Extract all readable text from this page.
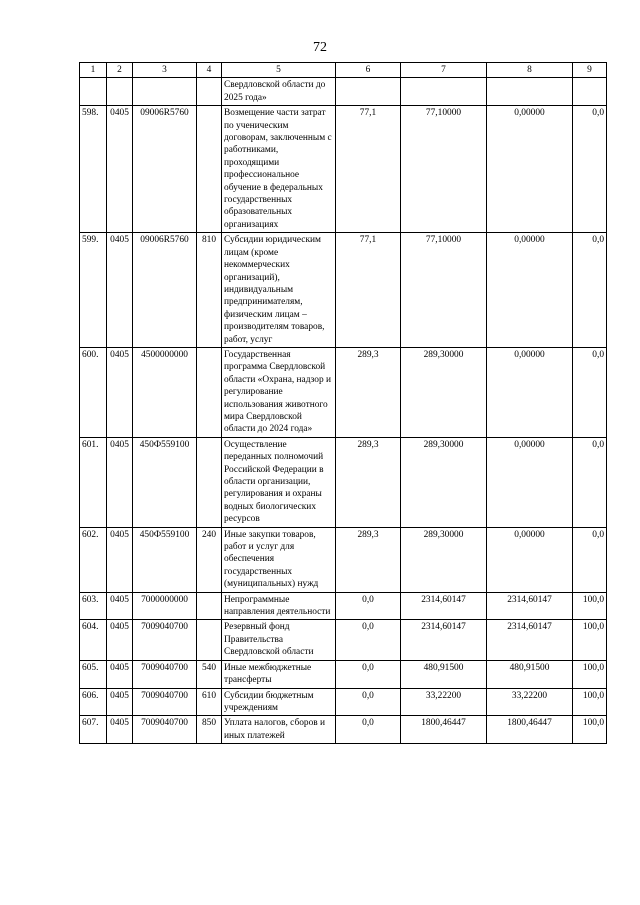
72
1	2	3	4	5	6	7	8	9
				Свердловской области до 2025 года»				
598.	0405	09006R5760		Возмещение части затрат по ученическим договорам, заключенным с работниками, проходящими профессиональное обучение в федеральных государственных образовательных организациях	77,1	77,10000	0,00000	0,0
599.	0405	09006R5760	810	Субсидии юридическим лицам (кроме некоммерческих организаций), индивидуальным предпринимателям, физическим лицам – производителям товаров, работ, услуг	77,1	77,10000	0,00000	0,0
600.	0405	4500000000		Государственная программа Свердловской области «Охрана, надзор и регулирование использования животного мира Свердловской области до 2024 года»	289,3	289,30000	0,00000	0,0
601.	0405	450Ф559100		Осуществление переданных полномочий Российской Федерации в области организации, регулирования и охраны водных биологических ресурсов	289,3	289,30000	0,00000	0,0
602.	0405	450Ф559100	240	Иные закупки товаров, работ и услуг для обеспечения государственных (муниципальных) нужд	289,3	289,30000	0,00000	0,0
603.	0405	7000000000		Непрограммные направления деятельности	0,0	2314,60147	2314,60147	100,0
604.	0405	7009040700		Резервный фонд Правительства Свердловской области	0,0	2314,60147	2314,60147	100,0
605.	0405	7009040700	540	Иные межбюджетные трансферты	0,0	480,91500	480,91500	100,0
606.	0405	7009040700	610	Субсидии бюджетным учреждениям	0,0	33,22200	33,22200	100,0
607.	0405	7009040700	850	Уплата налогов, сборов и иных платежей	0,0	1800,46447	1800,46447	100,0
